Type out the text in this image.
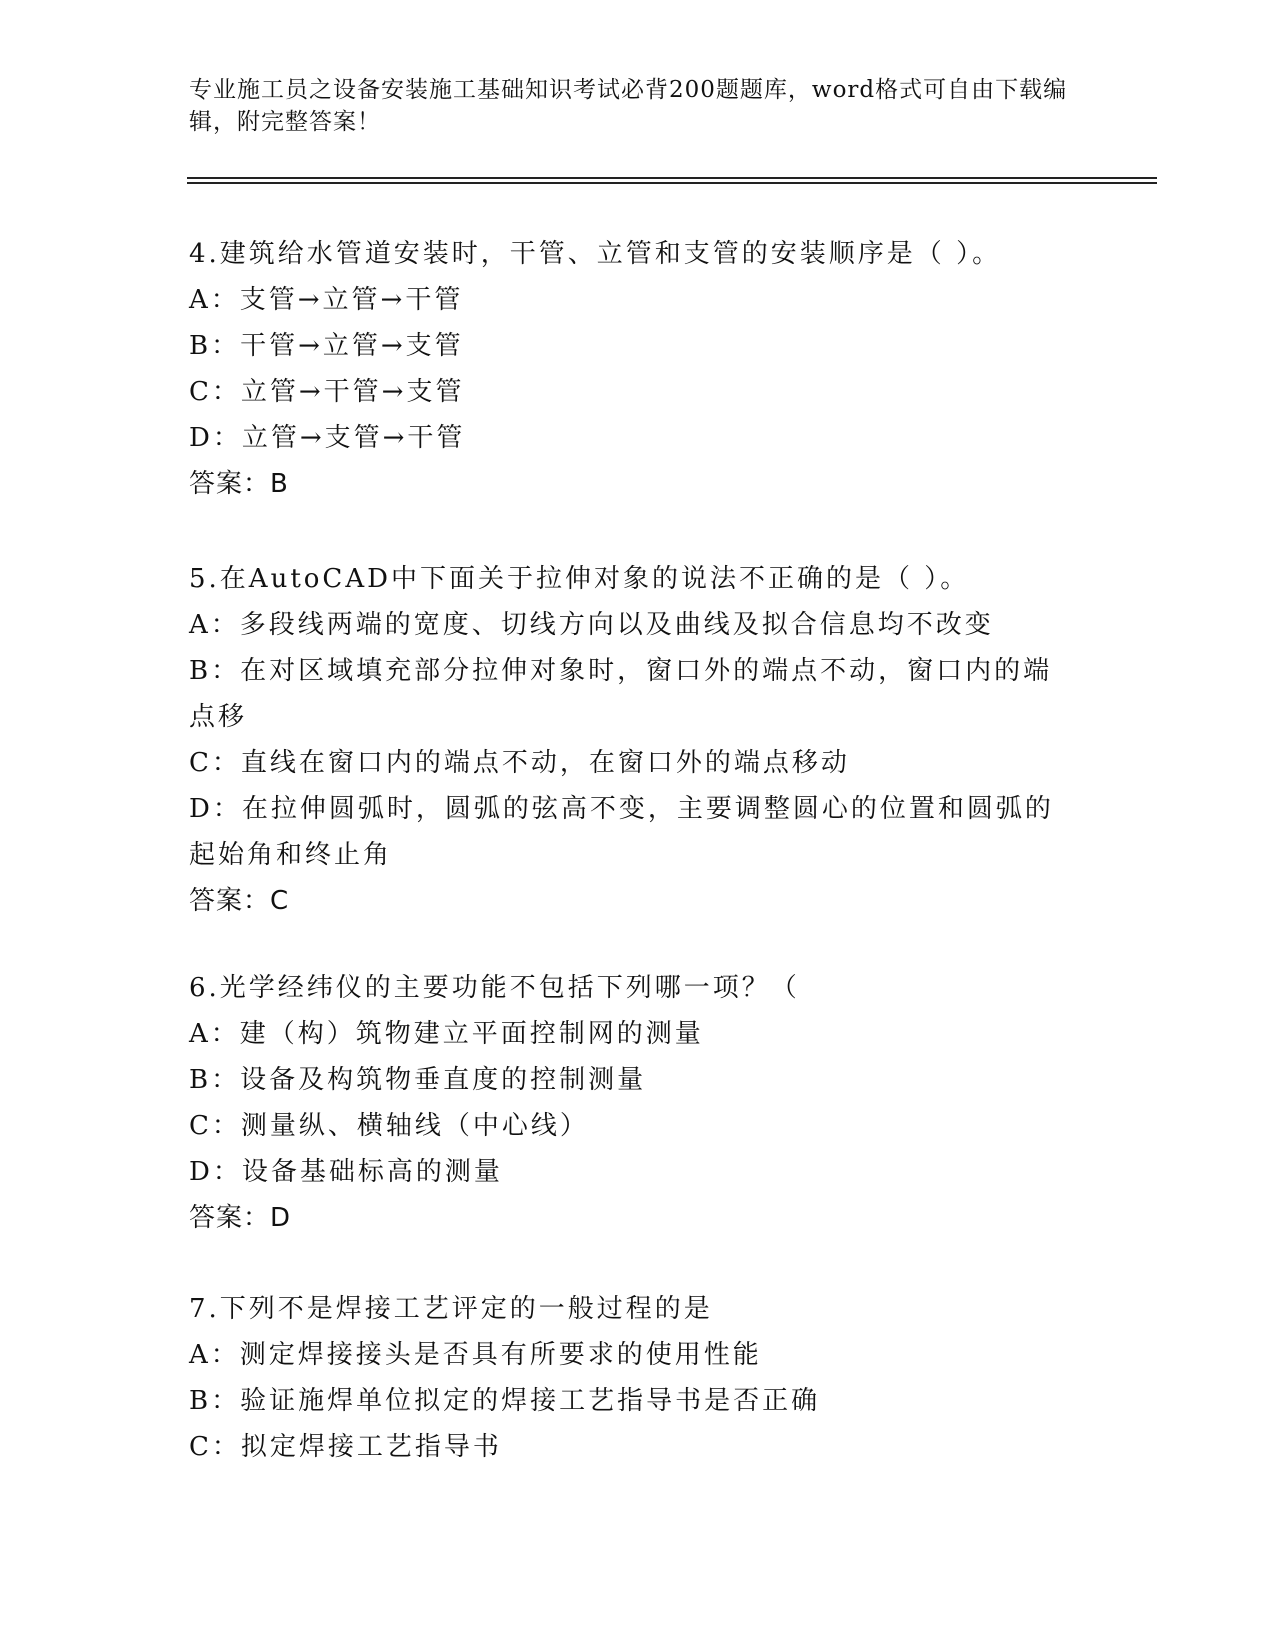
专业施工员之设备安装施工基础知识考试必背200题题库，word格式可自由下载编辑，附完整答案！
4.建筑给水管道安装时，干管、立管和支管的安装顺序是（ ）。
A：支管→立管→干管
B：干管→立管→支管
C：立管→干管→支管
D：立管→支管→干管
答案：B
5.在AutoCAD中下面关于拉伸对象的说法不正确的是（ ）。
A：多段线两端的宽度、切线方向以及曲线及拟合信息均不改变
B：在对区域填充部分拉伸对象时，窗口外的端点不动，窗口内的端点移
C：直线在窗口内的端点不动，在窗口外的端点移动
D：在拉伸圆弧时，圆弧的弦高不变，主要调整圆心的位置和圆弧的起始角和终止角
答案：C
6.光学经纬仪的主要功能不包括下列哪一项？（
A：建（构）筑物建立平面控制网的测量
B：设备及构筑物垂直度的控制测量
C：测量纵、横轴线（中心线）
D：设备基础标高的测量
答案：D
7.下列不是焊接工艺评定的一般过程的是
A：测定焊接接头是否具有所要求的使用性能
B：验证施焊单位拟定的焊接工艺指导书是否正确
C：拟定焊接工艺指导书
